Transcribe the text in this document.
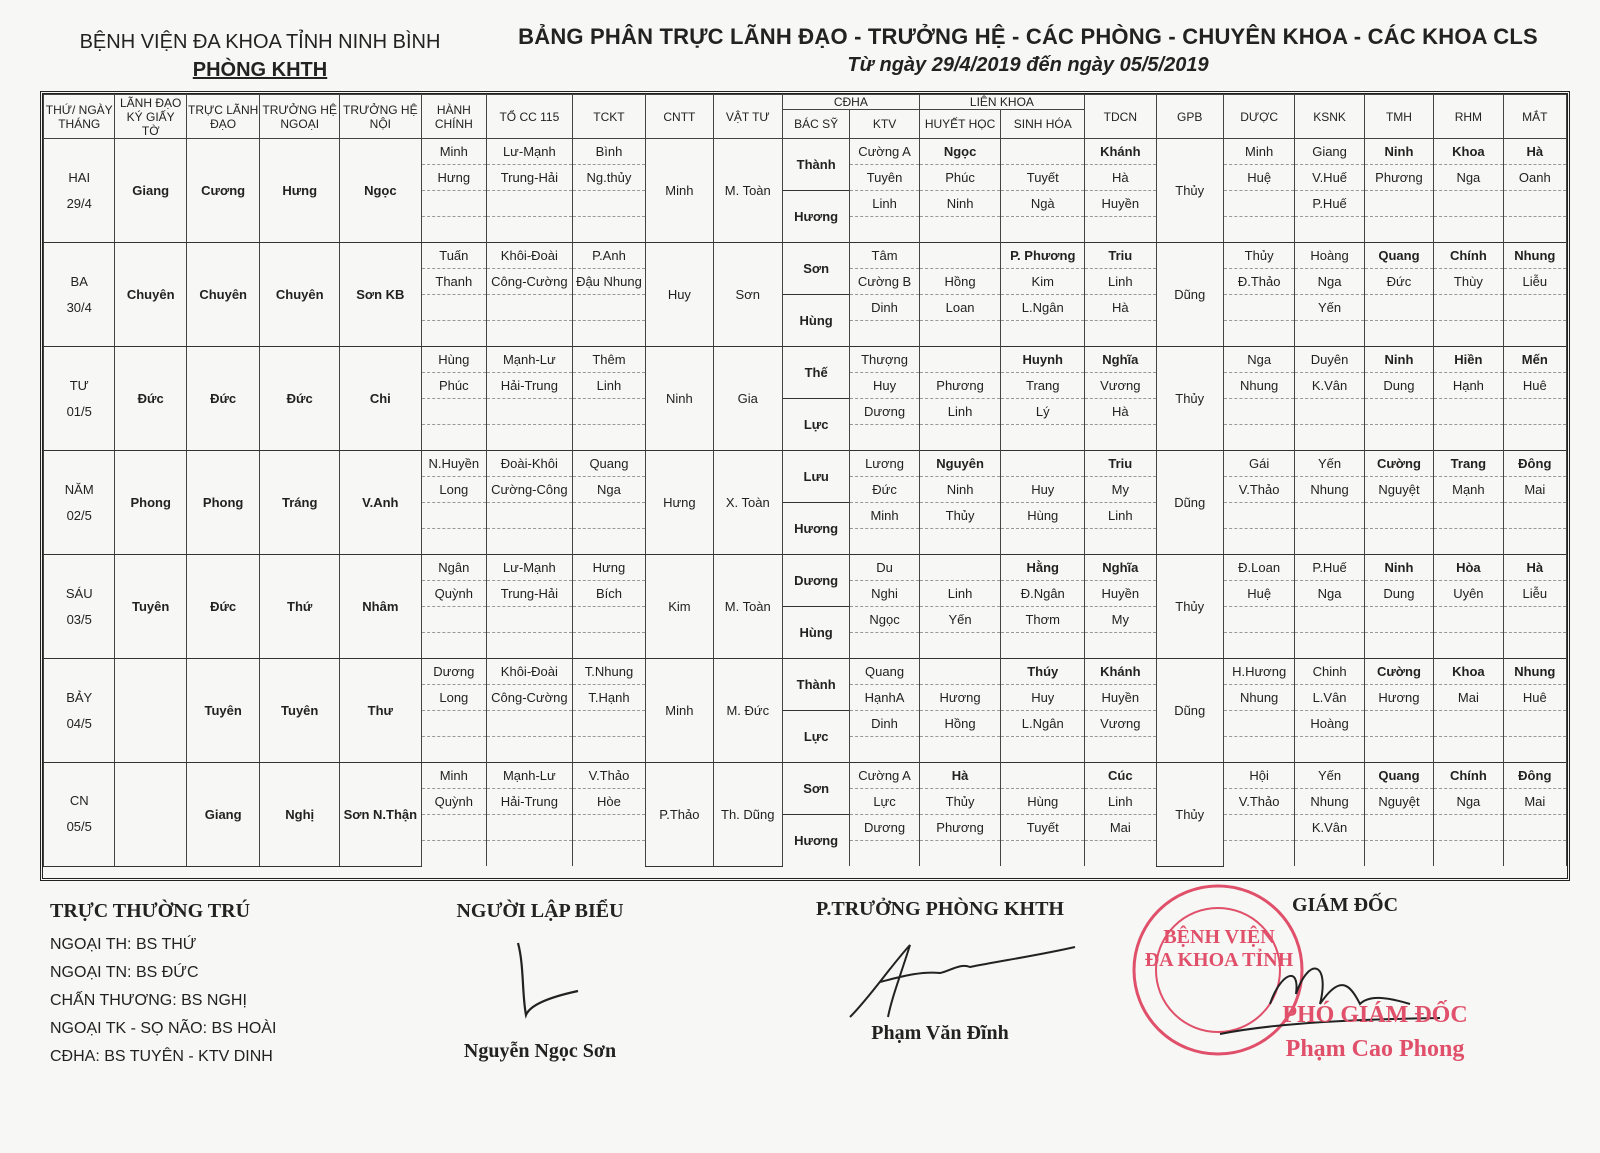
BỆNH VIỆN ĐA KHOA TỈNH NINH BÌNH
PHÒNG KHTH
BẢNG PHÂN TRỰC LÃNH ĐẠO - TRƯỞNG HỆ - CÁC PHÒNG - CHUYÊN KHOA - CÁC KHOA CLS
Từ ngày 29/4/2019 đến ngày 05/5/2019
THỨ/ NGÀY THÁNG	LÃNH ĐẠO KÝ GIẤY TỜ	TRỰC LÃNH ĐẠO	TRƯỞNG HỆ NGOẠI	TRƯỞNG HỆ NỘI	HÀNH CHÍNH	TỔ CC 115	TCKT	CNTT	VẬT TƯ	CĐHA		LIÊN KHOA		TDCN	GPB	DƯỢC	KSNK	TMH	RHM	MẮT
										BÁC SỸ	KTV	HUYẾT HỌC	SINH HÓA							

HAI
29/4	Giang	Cương	Hưng	Ngọc	Minh	Lư-Mạnh	Bình	Minh	M. Toàn	Thành	Cường A	Ngọc		Khánh	Thủy	Minh	Giang	Ninh	Khoa	Hà
					Hưng	Trung-Hải	Ng.thủy				Tuyên	Phúc	Tuyết	Hà		Huệ	V.Huế	Phương	Nga	Oanh
										Hương	Linh	Ninh	Ngà	Huyền			P.Huế			

BA
30/4	Chuyên	Chuyên	Chuyên	Sơn KB	Tuấn	Khôi-Đoài	P.Anh	Huy	Sơn	Sơn	Tâm		P. Phương	Triu	Dũng	Thủy	Hoàng	Quang	Chính	Nhung
					Thanh	Công-Cường	Đậu Nhung				Cường B	Hồng	Kim	Linh		Đ.Thảo	Nga	Đức	Thùy	Liễu
										Hùng	Dinh	Loan	L.Ngân	Hà			Yến			

TƯ
01/5	Đức	Đức	Đức	Chi	Hùng	Mạnh-Lư	Thêm	Ninh	Gia	Thế	Thượng		Huynh	Nghĩa	Thủy	Nga	Duyên	Ninh	Hiền	Mến
					Phúc	Hải-Trung	Linh				Huy	Phương	Trang	Vương		Nhung	K.Vân	Dung	Hạnh	Huê
										Lực	Dương	Linh	Lý	Hà						

NĂM
02/5	Phong	Phong	Tráng	V.Anh	N.Huyền	Đoài-Khôi	Quang	Hưng	X. Toàn	Lưu	Lương	Nguyên		Triu	Dũng	Gái	Yến	Cường	Trang	Đông
					Long	Cường-Công	Nga				Đức	Ninh	Huy	My		V.Thảo	Nhung	Nguyệt	Mạnh	Mai
										Hương	Minh	Thủy	Hùng	Linh						

SÁU
03/5	Tuyên	Đức	Thứ	Nhâm	Ngân	Lư-Mạnh	Hưng	Kim	M. Toàn	Dương	Du		Hằng	Nghĩa	Thủy	Đ.Loan	P.Huế	Ninh	Hòa	Hà
					Quỳnh	Trung-Hải	Bích				Nghi	Linh	Đ.Ngân	Huyền		Huệ	Nga	Dung	Uyên	Liễu
										Hùng	Ngọc	Yến	Thơm	My						

BẢY
04/5		Tuyên	Tuyên	Thư	Dương	Khôi-Đoài	T.Nhung	Minh	M. Đức	Thành	Quang		Thúy	Khánh	Dũng	H.Hương	Chinh	Cường	Khoa	Nhung
					Long	Công-Cường	T.Hạnh				HạnhA	Hương	Huy	Huyền		Nhung	L.Vân	Hương	Mai	Huê
										Lực	Dinh	Hồng	L.Ngân	Vương			Hoàng			

CN
05/5		Giang	Nghị	Sơn N.Thận	Minh	Mạnh-Lư	V.Thảo	P.Thảo	Th. Dũng	Sơn	Cường A	Hà		Cúc	Thủy	Hội	Yến	Quang	Chính	Đông
					Quỳnh	Hải-Trung	Hòe				Lực	Thủy	Hùng	Linh		V.Thảo	Nhung	Nguyệt	Nga	Mai
										Hương	Dương	Phương	Tuyết	Mai			K.Vân			

TRỰC THƯỜNG TRÚ
NGOẠI TH: BS THỨ
NGOẠI TN: BS ĐỨC
CHẤN THƯƠNG: BS NGHỊ
NGOẠI TK - SỌ NÃO: BS HOÀI
CĐHA: BS TUYÊN - KTV DINH
NGƯỜI LẬP BIỂU
Nguyễn Ngọc Sơn
P.TRƯỞNG PHÒNG KHTH
Phạm Văn Đĩnh
GIÁM ĐỐC
BỆNH VIỆN
ĐA KHOA TỈNH
PHÓ GIÁM ĐỐC
Phạm Cao Phong
